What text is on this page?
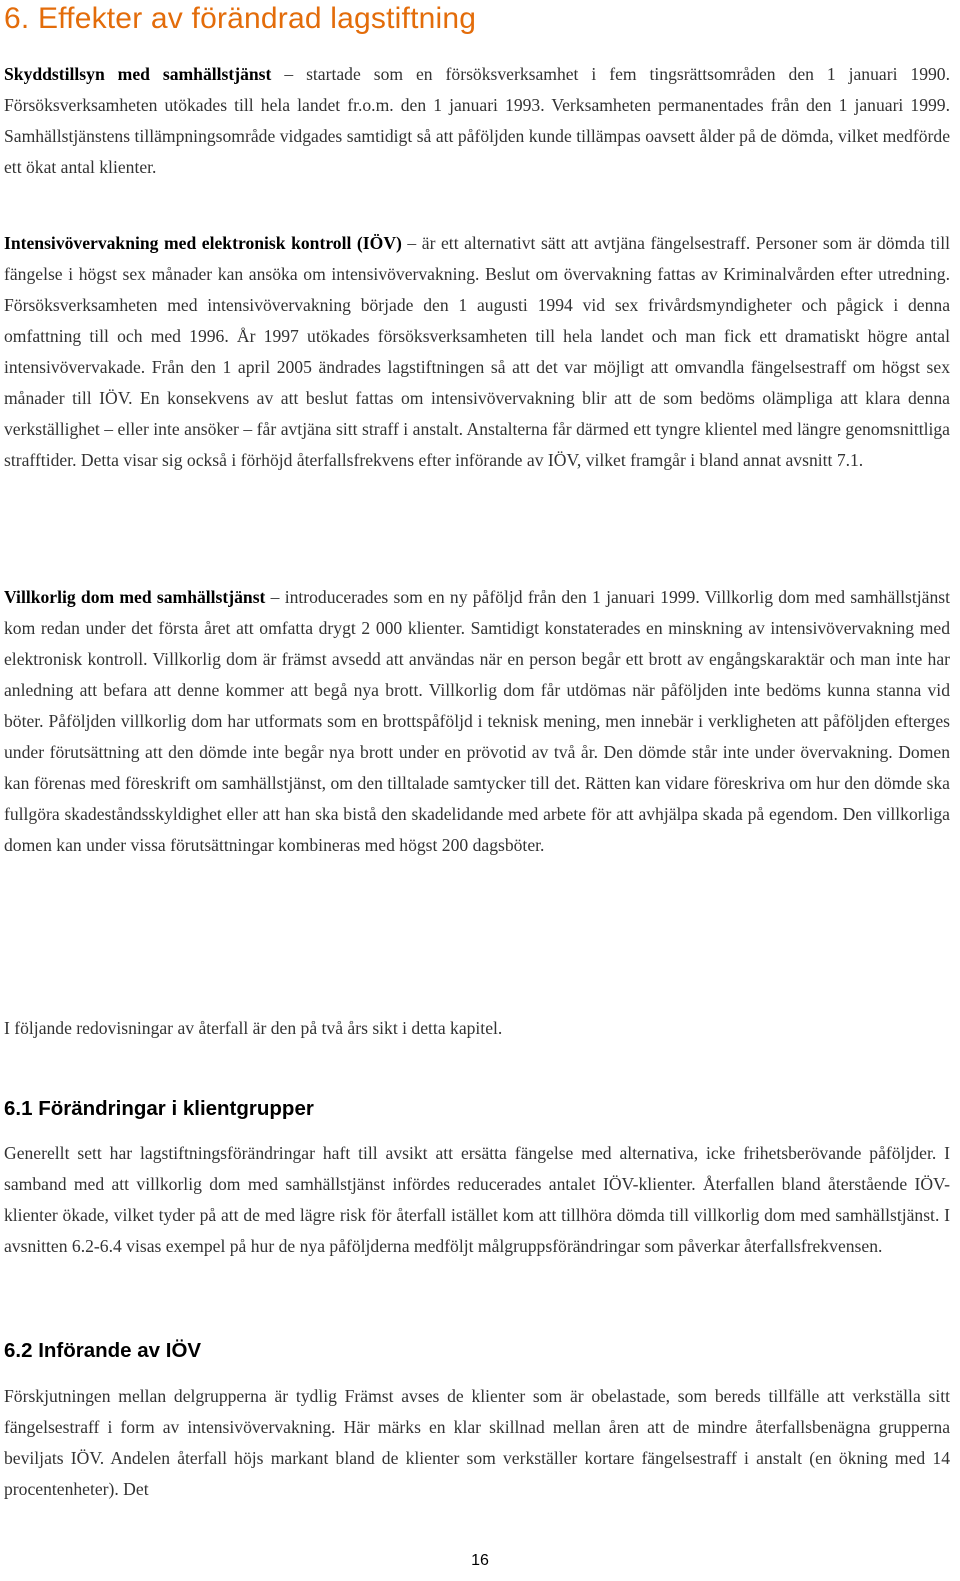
6. Effekter av förändrad lagstiftning

Skyddstillsyn med samhällstjänst – startade som en försöksverksamhet i fem tingsrättsområden den 1 januari 1990. Försöksverksamheten utökades till hela landet fr.o.m. den 1 januari 1993. Verksamheten permanentades från den 1 januari 1999. Samhällstjänstens tillämpningsområde vidgades samtidigt så att påföljden kunde tillämpas oavsett ålder på de dömda, vilket medförde ett ökat antal klienter.

Intensivövervakning med elektronisk kontroll (IÖV) – är ett alternativt sätt att avtjäna fängelsestraff. Personer som är dömda till fängelse i högst sex månader kan ansöka om intensivövervakning. Beslut om övervakning fattas av Kriminalvården efter utredning. Försöksverksamheten med intensivövervakning började den 1 augusti 1994 vid sex frivårdsmyndigheter och pågick i denna omfattning till och med 1996. År 1997 utökades försöksverksamheten till hela landet och man fick ett dramatiskt högre antal intensivövervakade. Från den 1 april 2005 ändrades lagstiftningen så att det var möjligt att omvandla fängelsestraff om högst sex månader till IÖV. En konsekvens av att beslut fattas om intensivövervakning blir att de som bedöms olämpliga att klara denna verkställighet – eller inte ansöker – får avtjäna sitt straff i anstalt. Anstalterna får därmed ett tyngre klientel med längre genomsnittliga strafftider. Detta visar sig också i förhöjd återfallsfrekvens efter införande av IÖV, vilket framgår i bland annat avsnitt 7.1.

Villkorlig dom med samhällstjänst – introducerades som en ny påföljd från den 1 januari 1999. Villkorlig dom med samhällstjänst kom redan under det första året att omfatta drygt 2 000 klienter. Samtidigt konstaterades en minskning av intensivövervakning med elektronisk kontroll. Villkorlig dom är främst avsedd att användas när en person begår ett brott av engångskaraktär och man inte har anledning att befara att denne kommer att begå nya brott. Villkorlig dom får utdömas när påföljden inte bedöms kunna stanna vid böter. Påföljden villkorlig dom har utformats som en brottspåföljd i teknisk mening, men innebär i verkligheten att påföljden efterges under förutsättning att den dömde inte begår nya brott under en prövotid av två år. Den dömde står inte under övervakning. Domen kan förenas med föreskrift om samhällstjänst, om den tilltalade samtycker till det. Rätten kan vidare föreskriva om hur den dömde ska fullgöra skadeståndsskyldighet eller att han ska bistå den skadelidande med arbete för att avhjälpa skada på egendom. Den villkorliga domen kan under vissa förutsättningar kombineras med högst 200 dagsböter.

I följande redovisningar av återfall är den på två års sikt i detta kapitel.

6.1 Förändringar i klientgrupper

Generellt sett har lagstiftningsförändringar haft till avsikt att ersätta fängelse med alternativa, icke frihetsberövande påföljder. I samband med att villkorlig dom med samhällstjänst infördes reducerades antalet IÖV-klienter. Återfallen bland återstående IÖV-klienter ökade, vilket tyder på att de med lägre risk för återfall istället kom att tillhöra dömda till villkorlig dom med samhällstjänst. I avsnitten 6.2-6.4 visas exempel på hur de nya påföljderna medföljt målgruppsförändringar som påverkar återfallsfrekvensen.

6.2 Införande av IÖV

Förskjutningen mellan delgrupperna är tydlig Främst avses de klienter som är obelastade, som bereds tillfälle att verkställa sitt fängelsestraff i form av intensivövervakning. Här märks en klar skillnad mellan åren att de mindre återfallsbenägna grupperna beviljats IÖV. Andelen återfall höjs markant bland de klienter som verkställer kortare fängelsestraff i anstalt (en ökning med 14 procentenheter). Det

16
